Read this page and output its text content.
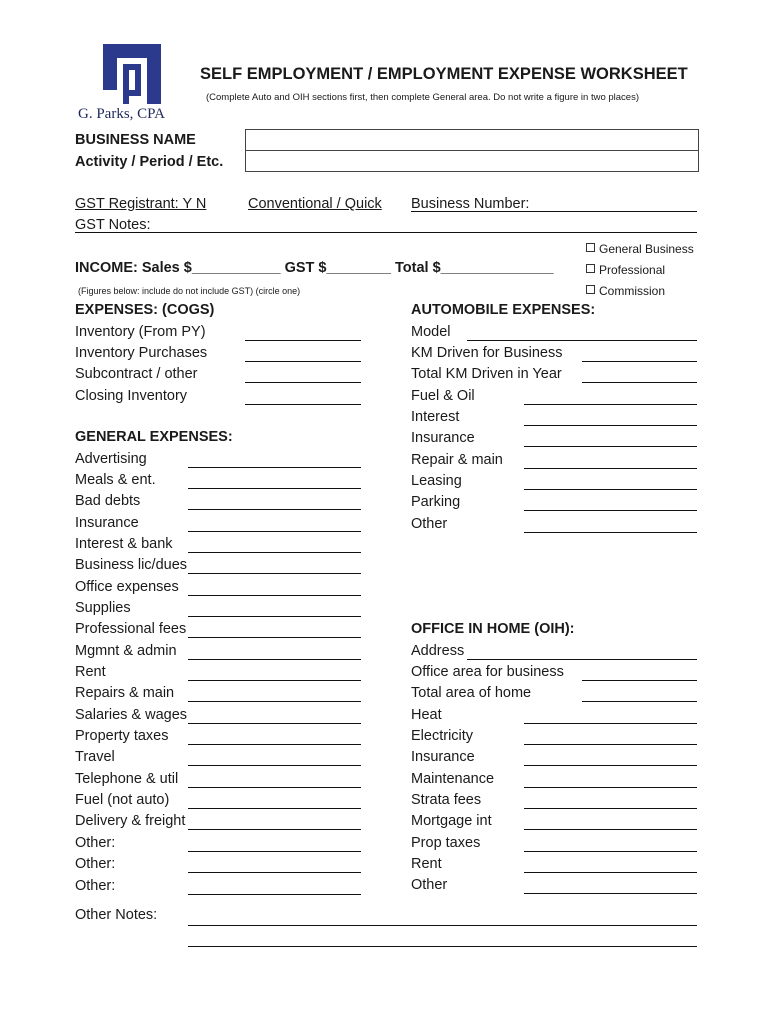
G. Parks, CPA
SELF EMPLOYMENT / EMPLOYMENT EXPENSE WORKSHEET
(Complete Auto and OIH sections first, then complete General area. Do not write a figure in two places)
BUSINESS NAME
Activity / Period / Etc.
GST Registrant: Y N	Conventional / Quick Business Number:
GST Notes:
INCOME: Sales $___________ GST $________ Total $______________
(Figures below: include do not include GST) (circle one)
General Business
Professional
Commission
EXPENSES: (COGS)
Inventory (From PY)
Inventory Purchases
Subcontract / other
Closing Inventory
GENERAL EXPENSES:
Advertising
Meals & ent.
Bad debts
Insurance
Interest & bank
Business lic/dues
Office expenses
Supplies
Professional fees
Mgmnt & admin
Rent
Repairs & main
Salaries & wages
Property taxes
Travel
Telephone & util
Fuel (not auto)
Delivery & freight
Other:
Other:
Other:
AUTOMOBILE EXPENSES:
Model
KM Driven for Business
Total KM Driven in Year
Fuel & Oil
Interest
Insurance
Repair & main
Leasing
Parking
Other
OFFICE IN HOME (OIH):
Address
Office area for business
Total area of home
Heat
Electricity
Insurance
Maintenance
Strata fees
Mortgage int
Prop taxes
Rent
Other
Other Notes:
